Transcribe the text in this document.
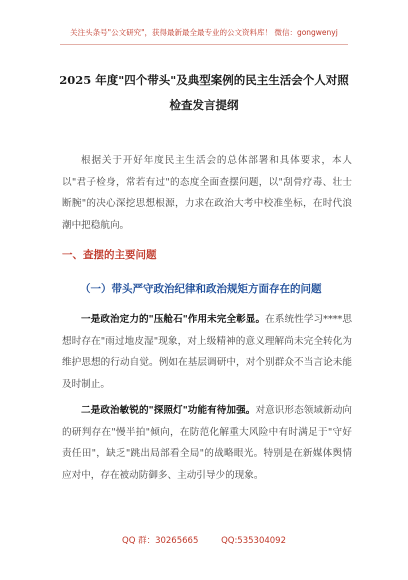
关注头条号"公文研究"，获得最新最全最专业的公文资料库！ 微信：gongwenyj
2025 年度"四个带头"及典型案例的民主生活会个人对照
检查发言提纲
根据关于开好年度民主生活会的总体部署和具体要求，本人以"君子检身，常若有过"的态度全面查摆问题，以"刮骨疗毒、壮士断腕"的决心深挖思想根源，力求在政治大考中校准坐标，在时代浪潮中把稳航向。
一、查摆的主要问题
（一）带头严守政治纪律和政治规矩方面存在的问题
一是政治定力的"压舱石"作用未完全彰显。在系统性学习****思想时存在"雨过地皮湿"现象，对上级精神的意义理解尚未完全转化为维护思想的行动自觉。例如在基层调研中，对个别群众不当言论未能及时制止。
二是政治敏锐的"探照灯"功能有待加强。对意识形态领域新动向的研判存在"慢半拍"倾向，在防范化解重大风险中有时满足于"守好责任田"，缺乏"跳出局部看全局"的战略眼光。特别是在新媒体舆情应对中，存在被动防御多、主动引导少的现象。
QQ 群：30265665	QQ:535304092
